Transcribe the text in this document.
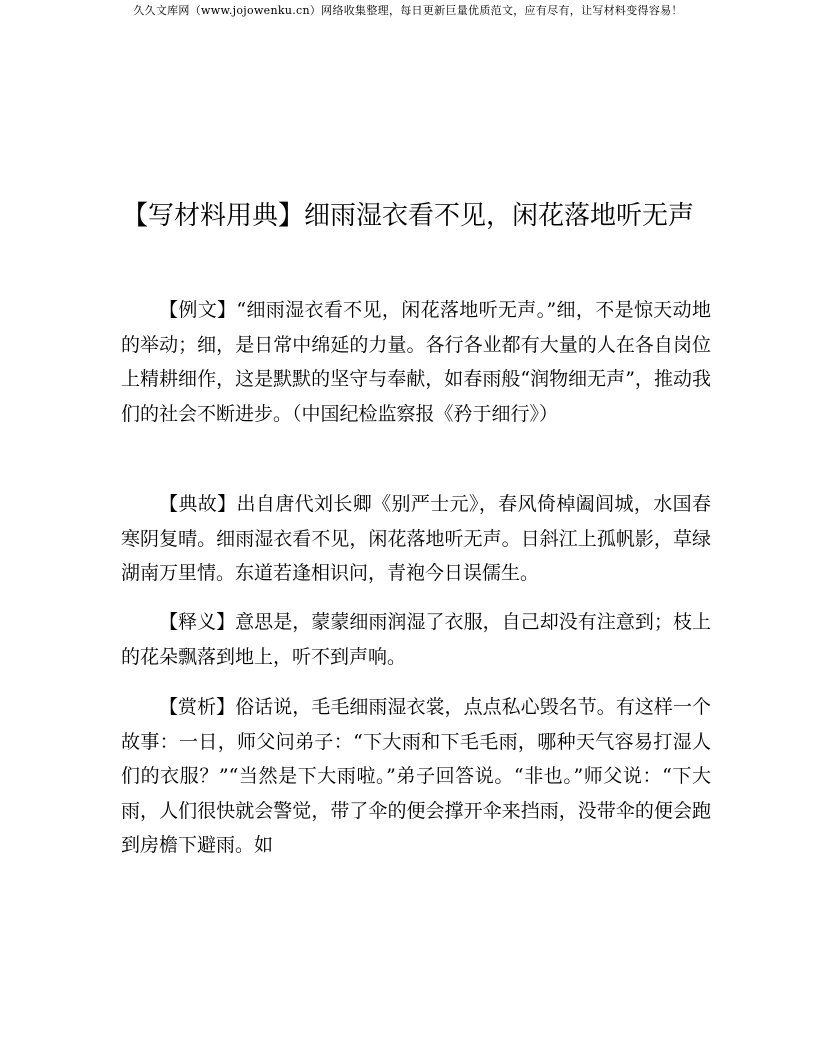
久久文库网（www.jojowenku.cn）网络收集整理，每日更新巨量优质范文，应有尽有，让写材料变得容易！
【写材料用典】细雨湿衣看不见，闲花落地听无声
【例文】“细雨湿衣看不见，闲花落地听无声。”细，不是惊天动地的举动；细，是日常中绵延的力量。各行各业都有大量的人在各自岗位上精耕细作，这是默默的坚守与奉献，如春雨般“润物细无声”，推动我们的社会不断进步。（中国纪检监察报《矜于细行》）
【典故】出自唐代刘长卿《别严士元》，春风倚棹阖闾城，水国春寒阴复晴。细雨湿衣看不见，闲花落地听无声。日斜江上孤帆影，草绿湖南万里情。东道若逢相识问，青袍今日误儒生。
【释义】意思是，蒙蒙细雨润湿了衣服，自己却没有注意到；枝上的花朵飘落到地上，听不到声响。
【赏析】俗话说，毛毛细雨湿衣裳，点点私心毁名节。有这样一个故事：一日，师父问弟子：“下大雨和下毛毛雨，哪种天气容易打湿人们的衣服？”“当然是下大雨啦。”弟子回答说。“非也。”师父说：“下大雨，人们很快就会警觉，带了伞的便会撑开伞来挡雨，没带伞的便会跑到房檐下避雨。如
